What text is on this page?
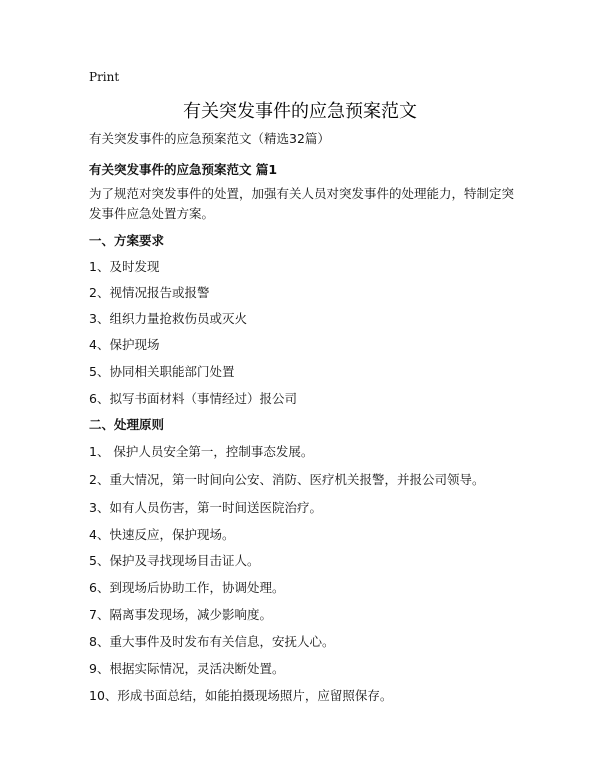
Print
有关突发事件的应急预案范文
有关突发事件的应急预案范文（精选32篇）
有关突发事件的应急预案范文 篇1
为了规范对突发事件的处置，加强有关人员对突发事件的处理能力，特制定突发事件应急处置方案。
一、方案要求
1、及时发现
2、视情况报告或报警
3、组织力量抢救伤员或灭火
4、保护现场
5、协同相关职能部门处置
6、拟写书面材料（事情经过）报公司
二、处理原则
1、 保护人员安全第一，控制事态发展。
2、重大情况，第一时间向公安、消防、医疗机关报警，并报公司领导。
3、如有人员伤害，第一时间送医院治疗。
4、快速反应，保护现场。
5、保护及寻找现场目击证人。
6、到现场后协助工作，协调处理。
7、隔离事发现场，减少影响度。
8、重大事件及时发布有关信息，安抚人心。
9、根据实际情况，灵活决断处置。
10、形成书面总结，如能拍摄现场照片，应留照保存。
